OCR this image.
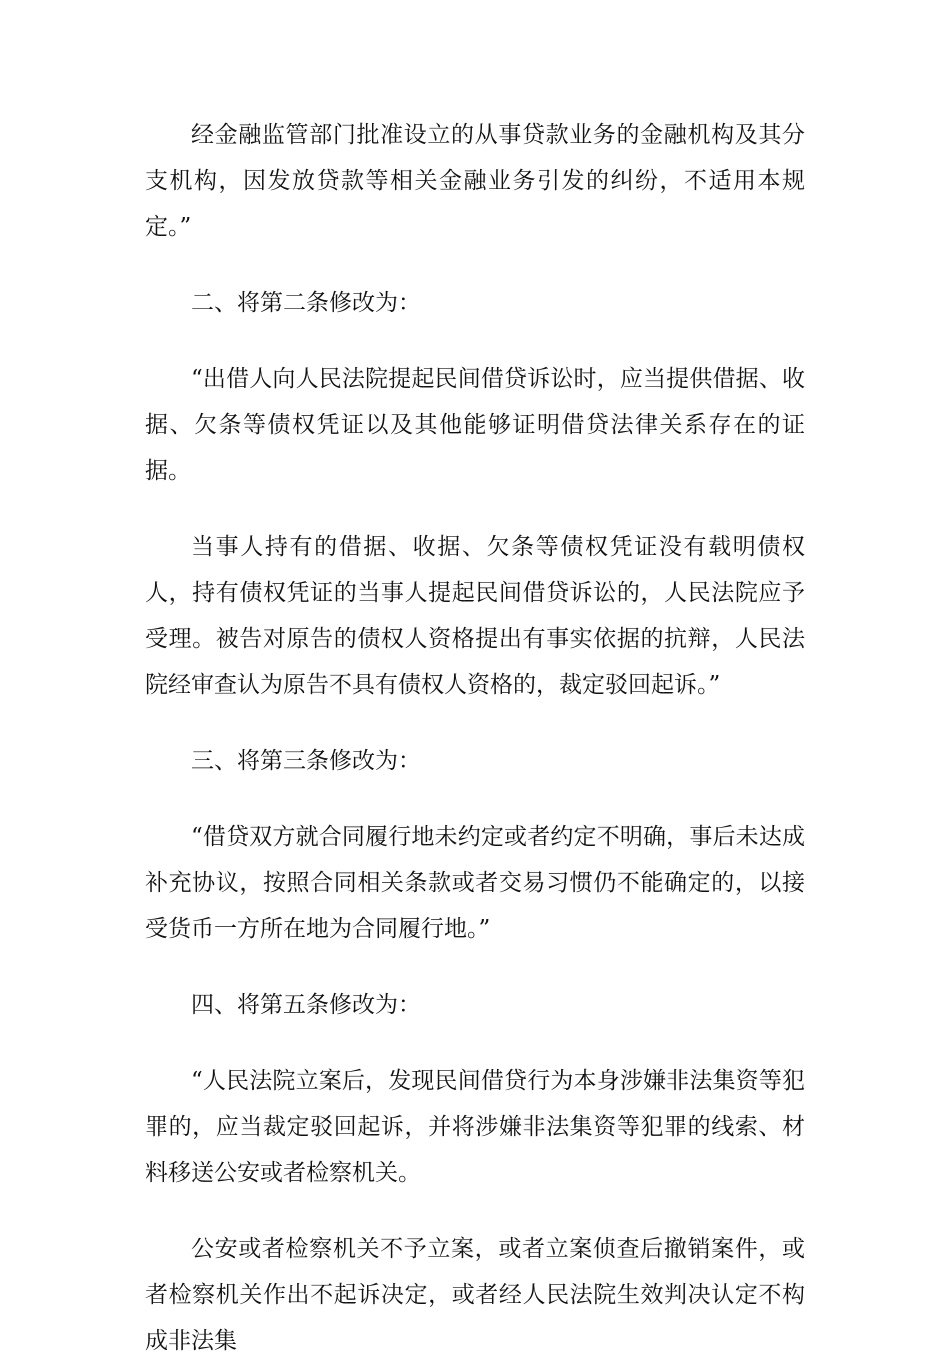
经金融监管部门批准设立的从事贷款业务的金融机构及其分支机构，因发放贷款等相关金融业务引发的纠纷，不适用本规定。”

二、将第二条修改为：

“出借人向人民法院提起民间借贷诉讼时，应当提供借据、收据、欠条等债权凭证以及其他能够证明借贷法律关系存在的证据。

当事人持有的借据、收据、欠条等债权凭证没有载明债权人，持有债权凭证的当事人提起民间借贷诉讼的，人民法院应予受理。被告对原告的债权人资格提出有事实依据的抗辩，人民法院经审查认为原告不具有债权人资格的，裁定驳回起诉。”

三、将第三条修改为：

“借贷双方就合同履行地未约定或者约定不明确，事后未达成补充协议，按照合同相关条款或者交易习惯仍不能确定的，以接受货币一方所在地为合同履行地。”

四、将第五条修改为：

“人民法院立案后，发现民间借贷行为本身涉嫌非法集资等犯罪的，应当裁定驳回起诉，并将涉嫌非法集资等犯罪的线索、材料移送公安或者检察机关。

公安或者检察机关不予立案，或者立案侦查后撤销案件，或者检察机关作出不起诉决定，或者经人民法院生效判决认定不构成非法集
